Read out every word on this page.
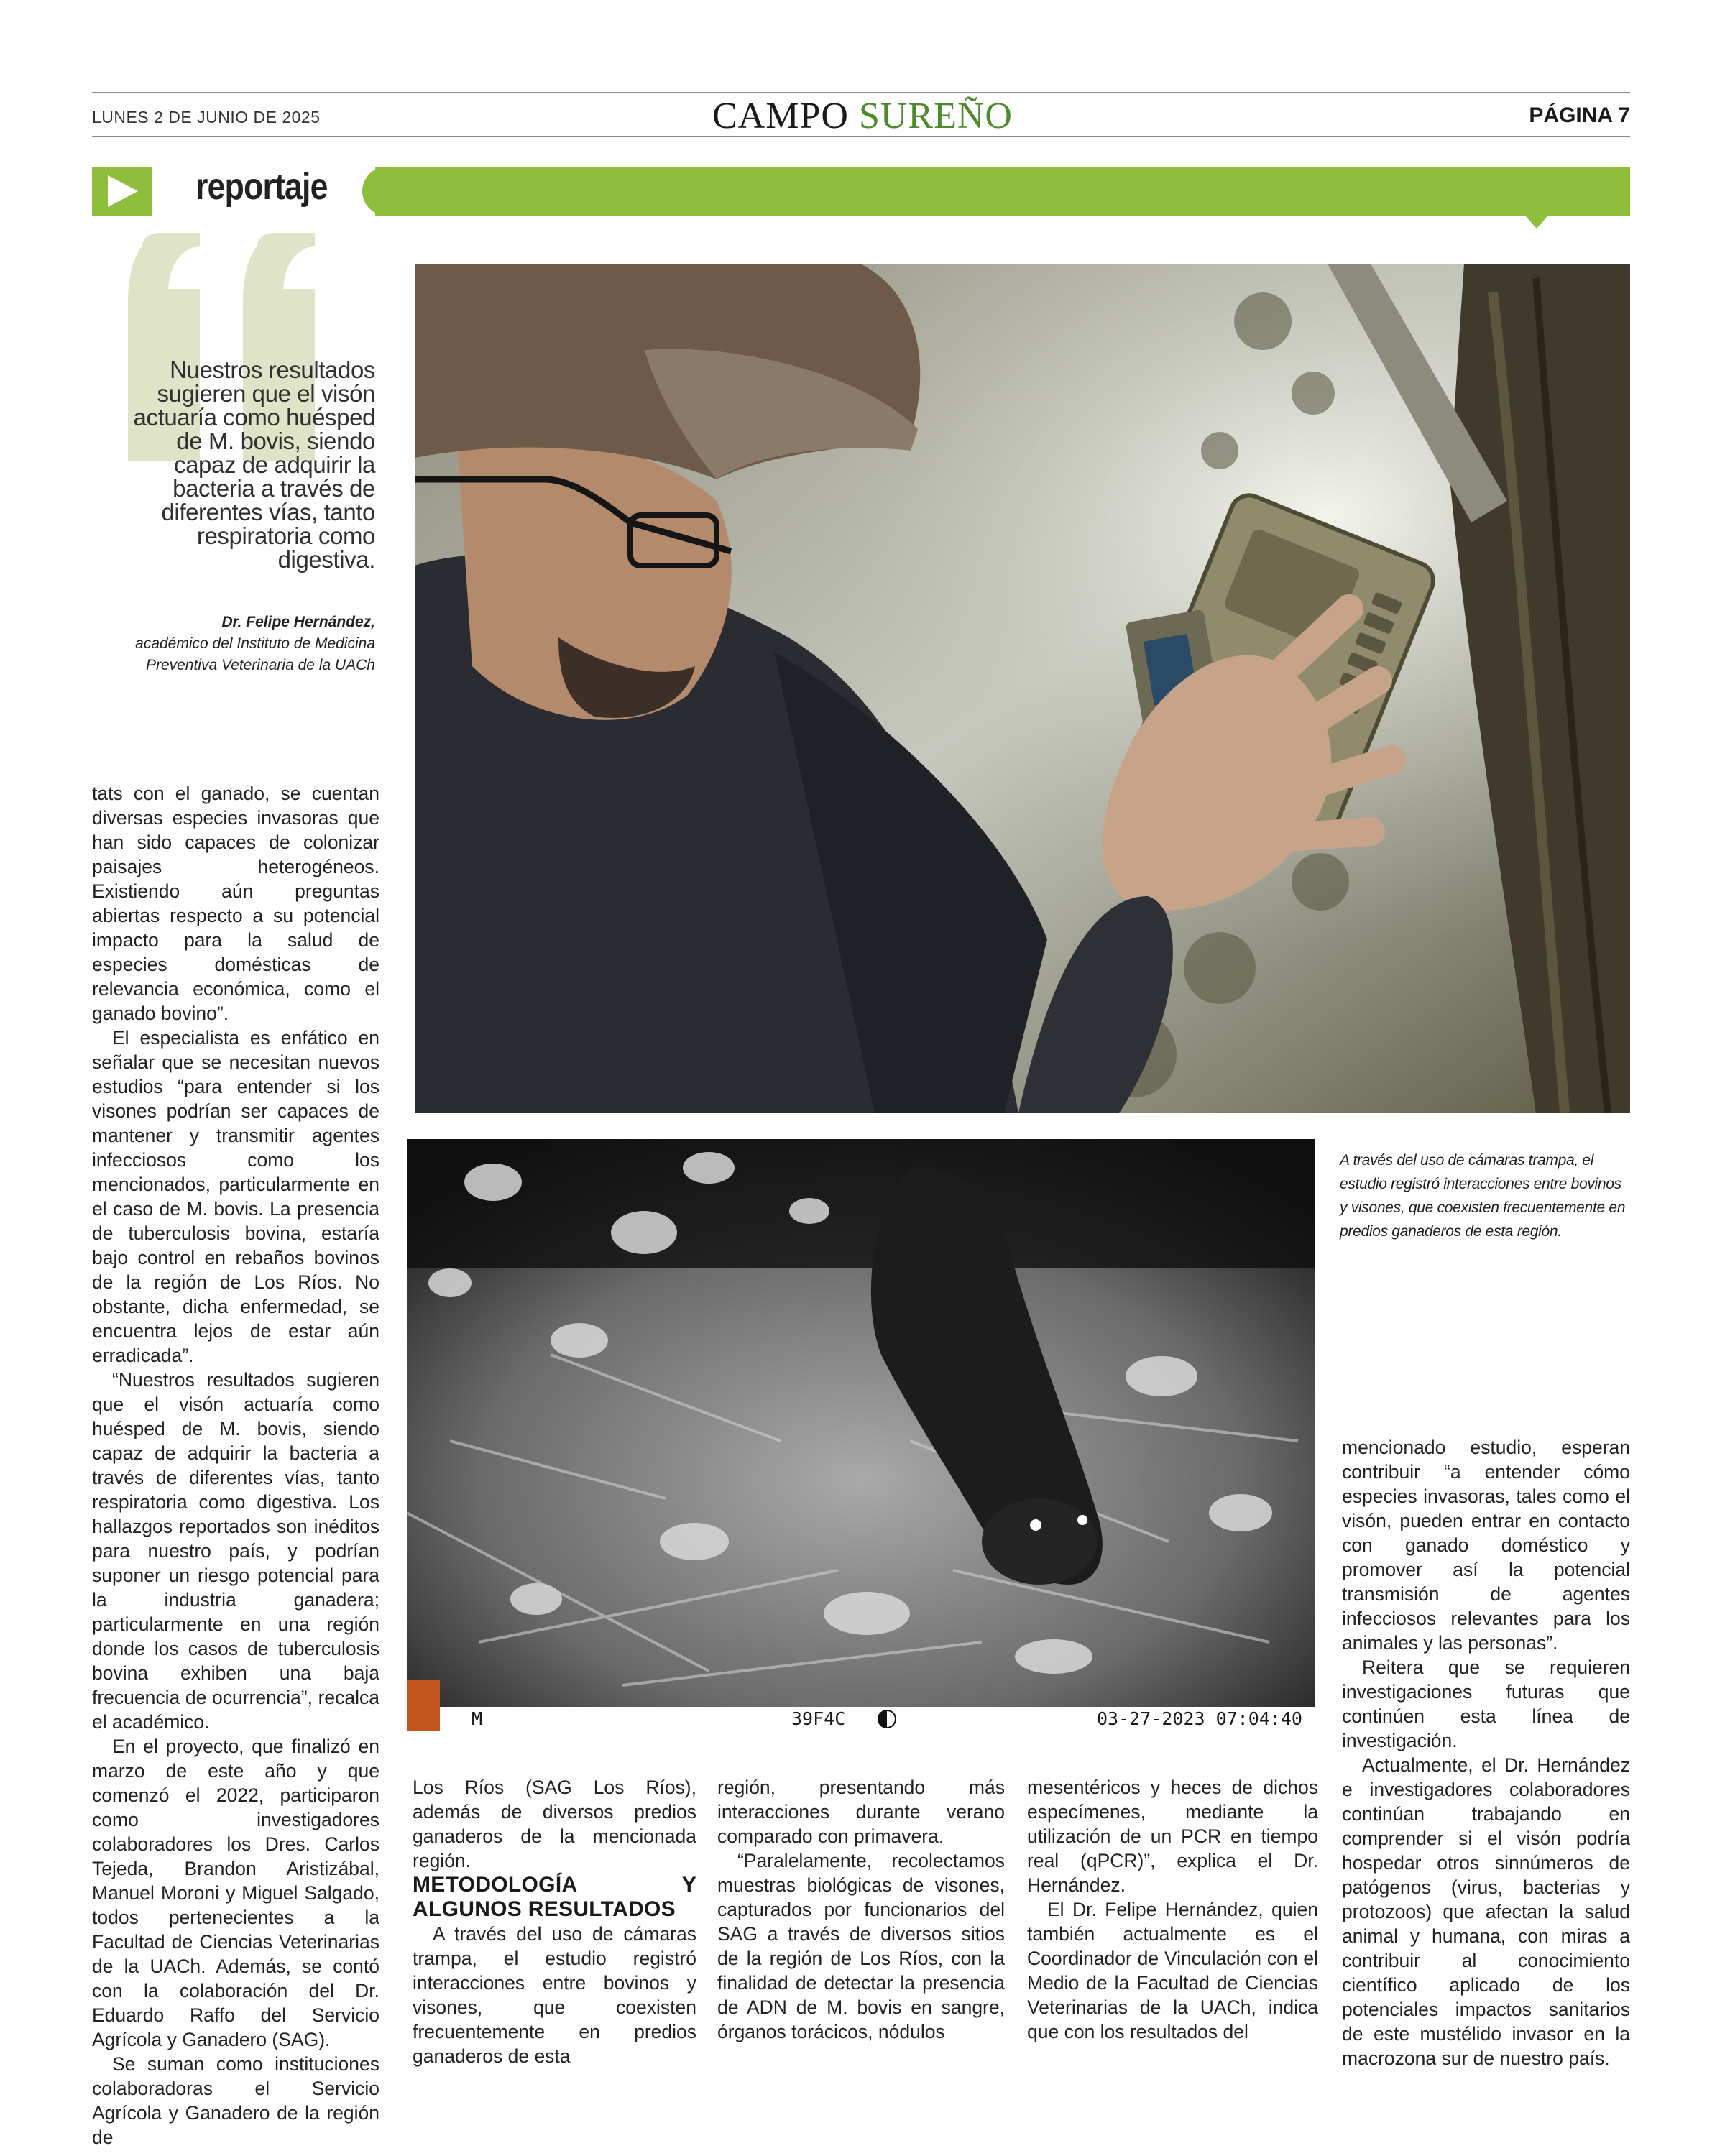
LUNES 2 DE JUNIO DE 2025	CAMPO SUREÑO	PÁGINA 7
reportaje
Nuestros resultados sugieren que el visón actuaría como huésped de M. bovis, siendo capaz de adquirir la bacteria a través de diferentes vías, tanto respiratoria como digestiva.
Dr. Felipe Hernández,
académico del Instituto de Medicina Preventiva Veterinaria de la UACh
M	39F4C	03-27-2023 07:04:40
A través del uso de cámaras trampa, el estudio registró interacciones entre bovinos y visones, que coexisten frecuentemente en predios ganaderos de esta región.

tats con el ganado, se cuentan diversas especies invasoras que han sido capaces de colonizar paisajes heterogéneos. Existiendo aún preguntas abiertas respecto a su potencial impacto para la salud de especies domésticas de relevancia económica, como el ganado bovino”.

El especialista es enfático en señalar que se necesitan nuevos estudios “para entender si los visones podrían ser capaces de mantener y transmitir agentes infecciosos como los mencionados, particularmente en el caso de M. bovis. La presencia de tuberculosis bovina, estaría bajo control en rebaños bovinos de la región de Los Ríos. No obstante, dicha enfermedad, se encuentra lejos de estar aún erradicada”.

“Nuestros resultados sugieren que el visón actuaría como huésped de M. bovis, siendo capaz de adquirir la bacteria a través de diferentes vías, tanto respiratoria como digestiva. Los hallazgos reportados son inéditos para nuestro país, y podrían suponer un riesgo potencial para la industria ganadera; particularmente en una región donde los casos de tuberculosis bovina exhiben una baja frecuencia de ocurrencia”, recalca el académico.

En el proyecto, que finalizó en marzo de este año y que comenzó el 2022, participaron como investigadores colaboradores los Dres. Carlos Tejeda, Brandon Aristizábal, Manuel Moroni y Miguel Salgado, todos pertenecientes a la Facultad de Ciencias Veterinarias de la UACh. Además, se contó con la colaboración del Dr. Eduardo Raffo del Servicio Agrícola y Ganadero (SAG).

Se suman como instituciones colaboradoras el Servicio Agrícola y Ganadero de la región de

Los Ríos (SAG Los Ríos), además de diversos predios ganaderos de la mencionada región.

METODOLOGÍA Y ALGUNOS RESULTADOS

A través del uso de cámaras trampa, el estudio registró interacciones entre bovinos y visones, que coexisten frecuentemente en predios ganaderos de esta

región, presentando más interacciones durante verano comparado con primavera.

“Paralelamente, recolectamos muestras biológicas de visones, capturados por funcionarios del SAG a través de diversos sitios de la región de Los Ríos, con la finalidad de detectar la presencia de ADN de M. bovis en sangre, órganos torácicos, nódulos

mesentéricos y heces de dichos especímenes, mediante la utilización de un PCR en tiempo real (qPCR)”, explica el Dr. Hernández.

El Dr. Felipe Hernández, quien también actualmente es el Coordinador de Vinculación con el Medio de la Facultad de Ciencias Veterinarias de la UACh, indica que con los resultados del

mencionado estudio, esperan contribuir “a entender cómo especies invasoras, tales como el visón, pueden entrar en contacto con ganado doméstico y promover así la potencial transmisión de agentes infecciosos relevantes para los animales y las personas”.

Reitera que se requieren investigaciones futuras que continúen esta línea de investigación.

Actualmente, el Dr. Hernández e investigadores colaboradores continúan trabajando en comprender si el visón podría hospedar otros sinnúmeros de patógenos (virus, bacterias y protozoos) que afectan la salud animal y humana, con miras a contribuir al conocimiento científico aplicado de los potenciales impactos sanitarios de este mustélido invasor en la macrozona sur de nuestro país.
